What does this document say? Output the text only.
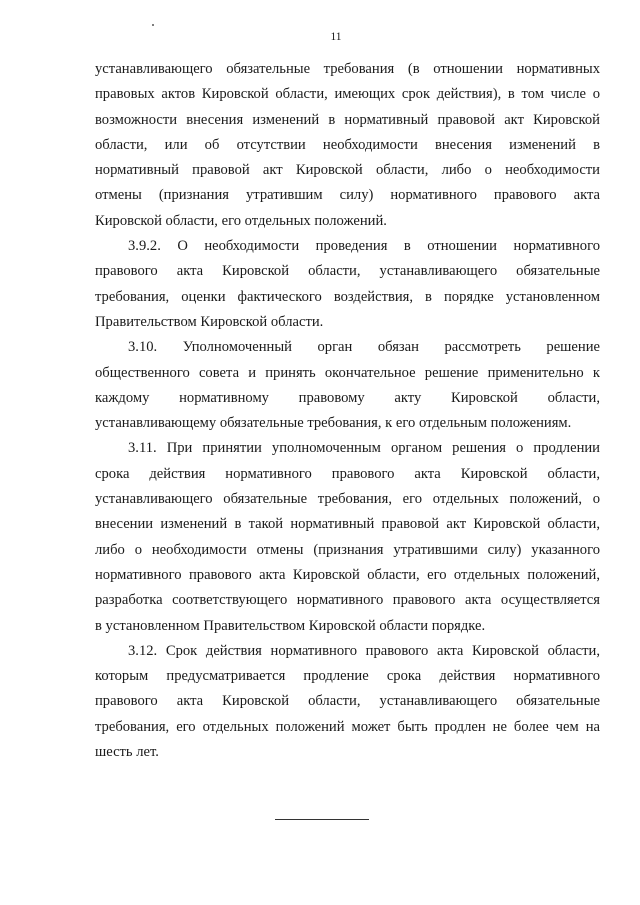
11

устанавливающего обязательные требования (в отношении нормативных
правовых актов Кировской области, имеющих срок действия), в том числе о
возможности внесения изменений в нормативный правовой акт Кировской
области, или об отсутствии необходимости внесения изменений в
нормативный правовой акт Кировской области, либо о необходимости
отмены (признания утратившим силу) нормативного правового акта
Кировской области, его отдельных положений.

3.9.2. О необходимости проведения в отношении нормативного
правового акта Кировской области, устанавливающего обязательные
требования, оценки фактического воздействия, в порядке установленном
Правительством Кировской области.

3.10. Уполномоченный орган обязан рассмотреть решение
общественного совета и принять окончательное решение применительно к
каждому нормативному правовому акту Кировской области,
устанавливающему обязательные требования, к его отдельным положениям.

3.11. При принятии уполномоченным органом решения о продлении
срока действия нормативного правового акта Кировской области,
устанавливающего обязательные требования, его отдельных положений, о
внесении изменений в такой нормативный правовой акт Кировской области,
либо о необходимости отмены (признания утратившими силу) указанного
нормативного правового акта Кировской области, его отдельных положений,
разработка соответствующего нормативного правового акта осуществляется
в установленном Правительством Кировской области порядке.

3.12. Срок действия нормативного правового акта Кировской области,
которым предусматривается продление срока действия нормативного
правового акта Кировской области, устанавливающего обязательные
требования, его отдельных положений может быть продлен не более чем на
шесть лет.
